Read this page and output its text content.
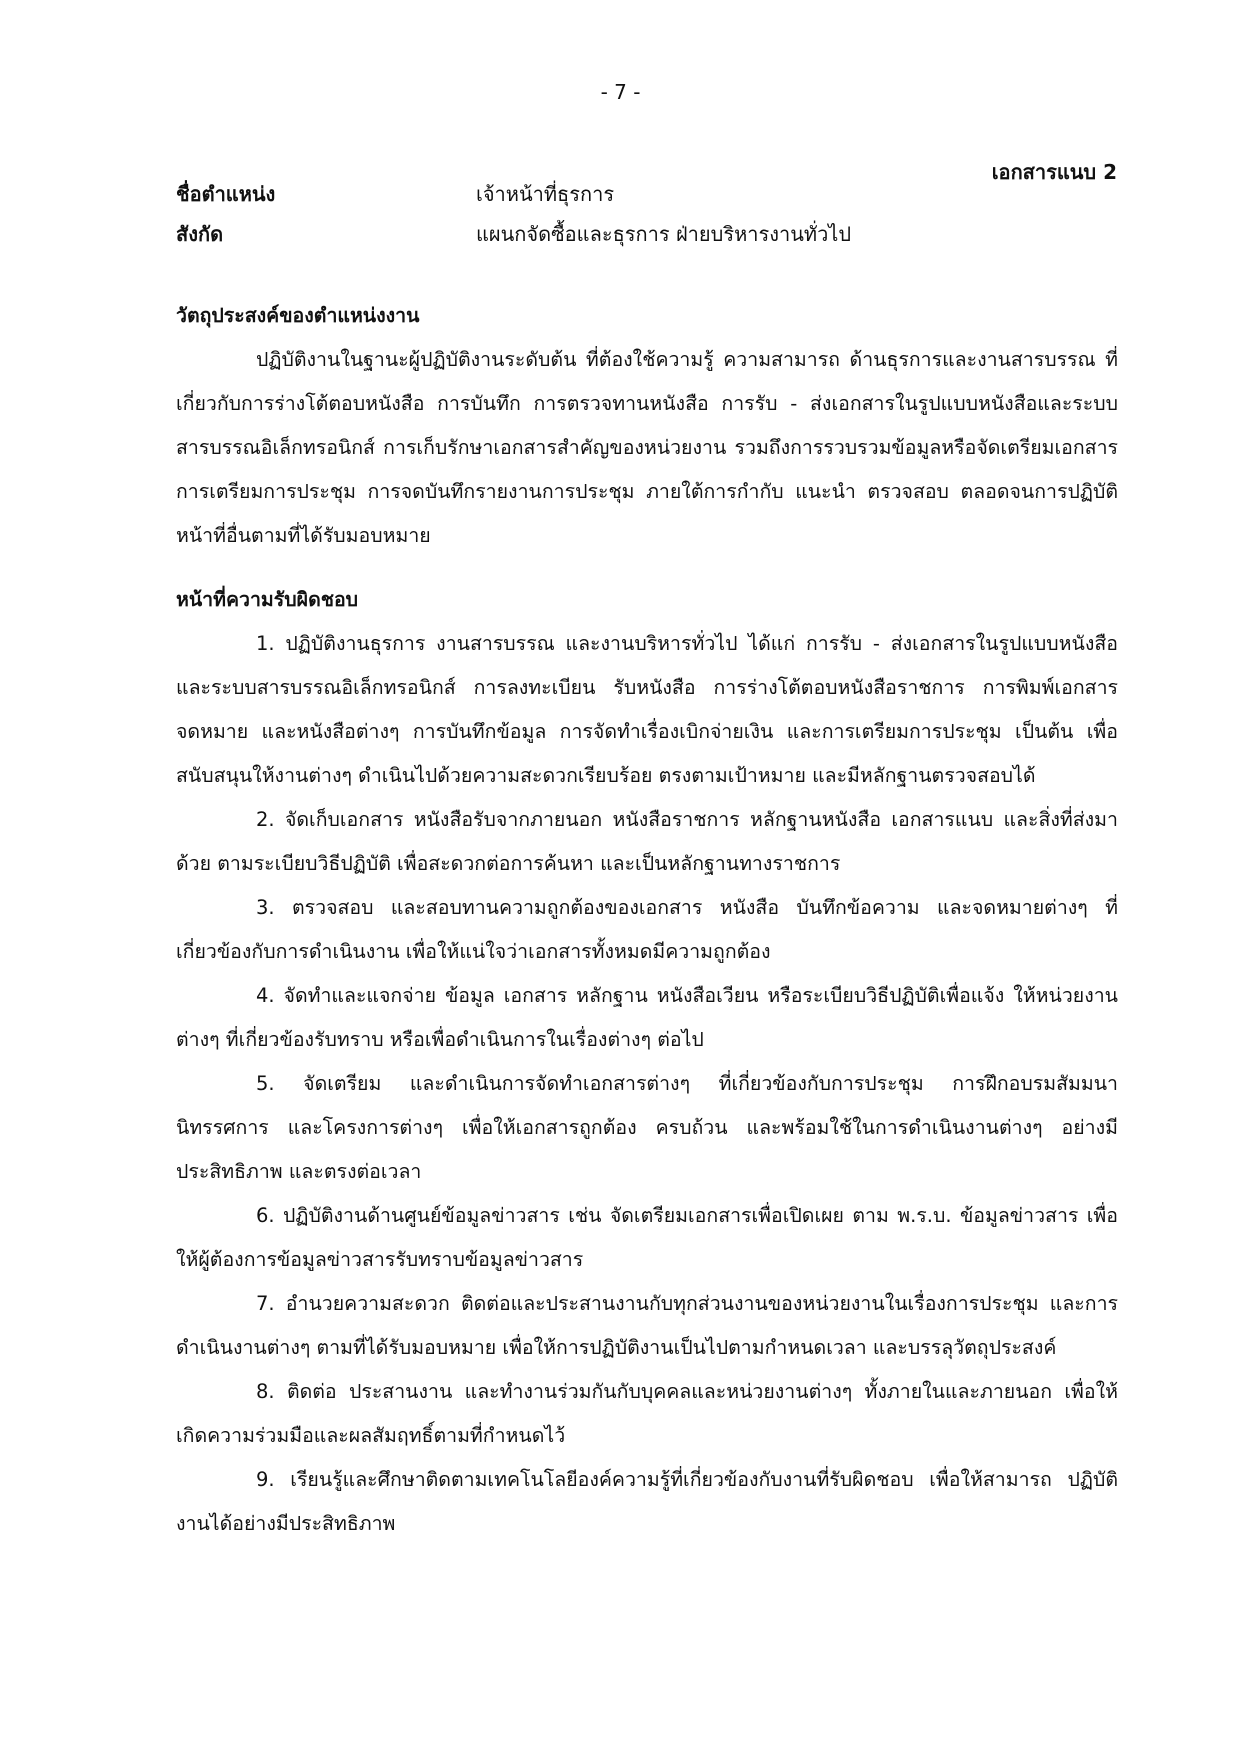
- 7 -
เอกสารแนบ 2
ชื่อตำแหน่ง	เจ้าหน้าที่ธุรการ
สังกัด	แผนกจัดซื้อและธุรการ ฝ่ายบริหารงานทั่วไป

วัตถุประสงค์ของตำแหน่งงาน

ปฏิบัติงานในฐานะผู้ปฏิบัติงานระดับต้น ที่ต้องใช้ความรู้ ความสามารถ ด้านธุรการและงานสารบรรณ ที่เกี่ยวกับการร่างโต้ตอบหนังสือ การบันทึก การตรวจทานหนังสือ การรับ - ส่งเอกสารในรูปแบบหนังสือและระบบสารบรรณอิเล็กทรอนิกส์ การเก็บรักษาเอกสารสำคัญของหน่วยงาน รวมถึงการรวบรวมข้อมูลหรือจัดเตรียมเอกสาร การเตรียมการประชุม การจดบันทึกรายงานการประชุม ภายใต้การกำกับ แนะนำ ตรวจสอบ ตลอดจนการปฏิบัติหน้าที่อื่นตามที่ได้รับมอบหมาย

หน้าที่ความรับผิดชอบ

1. ปฏิบัติงานธุรการ งานสารบรรณ และงานบริหารทั่วไป ได้แก่ การรับ - ส่งเอกสารในรูปแบบหนังสือและระบบสารบรรณอิเล็กทรอนิกส์ การลงทะเบียน รับหนังสือ การร่างโต้ตอบหนังสือราชการ การพิมพ์เอกสาร จดหมาย และหนังสือต่างๆ การบันทึกข้อมูล การจัดทำเรื่องเบิกจ่ายเงิน และการเตรียมการประชุม เป็นต้น เพื่อสนับสนุนให้งานต่างๆ ดำเนินไปด้วยความสะดวกเรียบร้อย ตรงตามเป้าหมาย และมีหลักฐานตรวจสอบได้

2. จัดเก็บเอกสาร หนังสือรับจากภายนอก หนังสือราชการ หลักฐานหนังสือ เอกสารแนบ และสิ่งที่ส่งมาด้วย ตามระเบียบวิธีปฏิบัติ เพื่อสะดวกต่อการค้นหา และเป็นหลักฐานทางราชการ

3. ตรวจสอบ และสอบทานความถูกต้องของเอกสาร หนังสือ บันทึกข้อความ และจดหมายต่างๆ ที่เกี่ยวข้องกับการดำเนินงาน เพื่อให้แน่ใจว่าเอกสารทั้งหมดมีความถูกต้อง

4. จัดทำและแจกจ่าย ข้อมูล เอกสาร หลักฐาน หนังสือเวียน หรือระเบียบวิธีปฏิบัติเพื่อแจ้ง ให้หน่วยงานต่างๆ ที่เกี่ยวข้องรับทราบ หรือเพื่อดำเนินการในเรื่องต่างๆ ต่อไป

5. จัดเตรียม และดำเนินการจัดทำเอกสารต่างๆ ที่เกี่ยวข้องกับการประชุม การฝึกอบรมสัมมนา นิทรรศการ และโครงการต่างๆ เพื่อให้เอกสารถูกต้อง ครบถ้วน และพร้อมใช้ในการดำเนินงานต่างๆ อย่างมีประสิทธิภาพ และตรงต่อเวลา

6. ปฏิบัติงานด้านศูนย์ข้อมูลข่าวสาร เช่น จัดเตรียมเอกสารเพื่อเปิดเผย ตาม พ.ร.บ. ข้อมูลข่าวสาร เพื่อให้ผู้ต้องการข้อมูลข่าวสารรับทราบข้อมูลข่าวสาร

7. อำนวยความสะดวก ติดต่อและประสานงานกับทุกส่วนงานของหน่วยงานในเรื่องการประชุม และการดำเนินงานต่างๆ ตามที่ได้รับมอบหมาย เพื่อให้การปฏิบัติงานเป็นไปตามกำหนดเวลา และบรรลุวัตถุประสงค์

8. ติดต่อ ประสานงาน และทำงานร่วมกันกับบุคคลและหน่วยงานต่างๆ ทั้งภายในและภายนอก เพื่อให้เกิดความร่วมมือและผลสัมฤทธิ์ตามที่กำหนดไว้

9. เรียนรู้และศึกษาติดตามเทคโนโลยีองค์ความรู้ที่เกี่ยวข้องกับงานที่รับผิดชอบ เพื่อให้สามารถ ปฏิบัติงานได้อย่างมีประสิทธิภาพ
